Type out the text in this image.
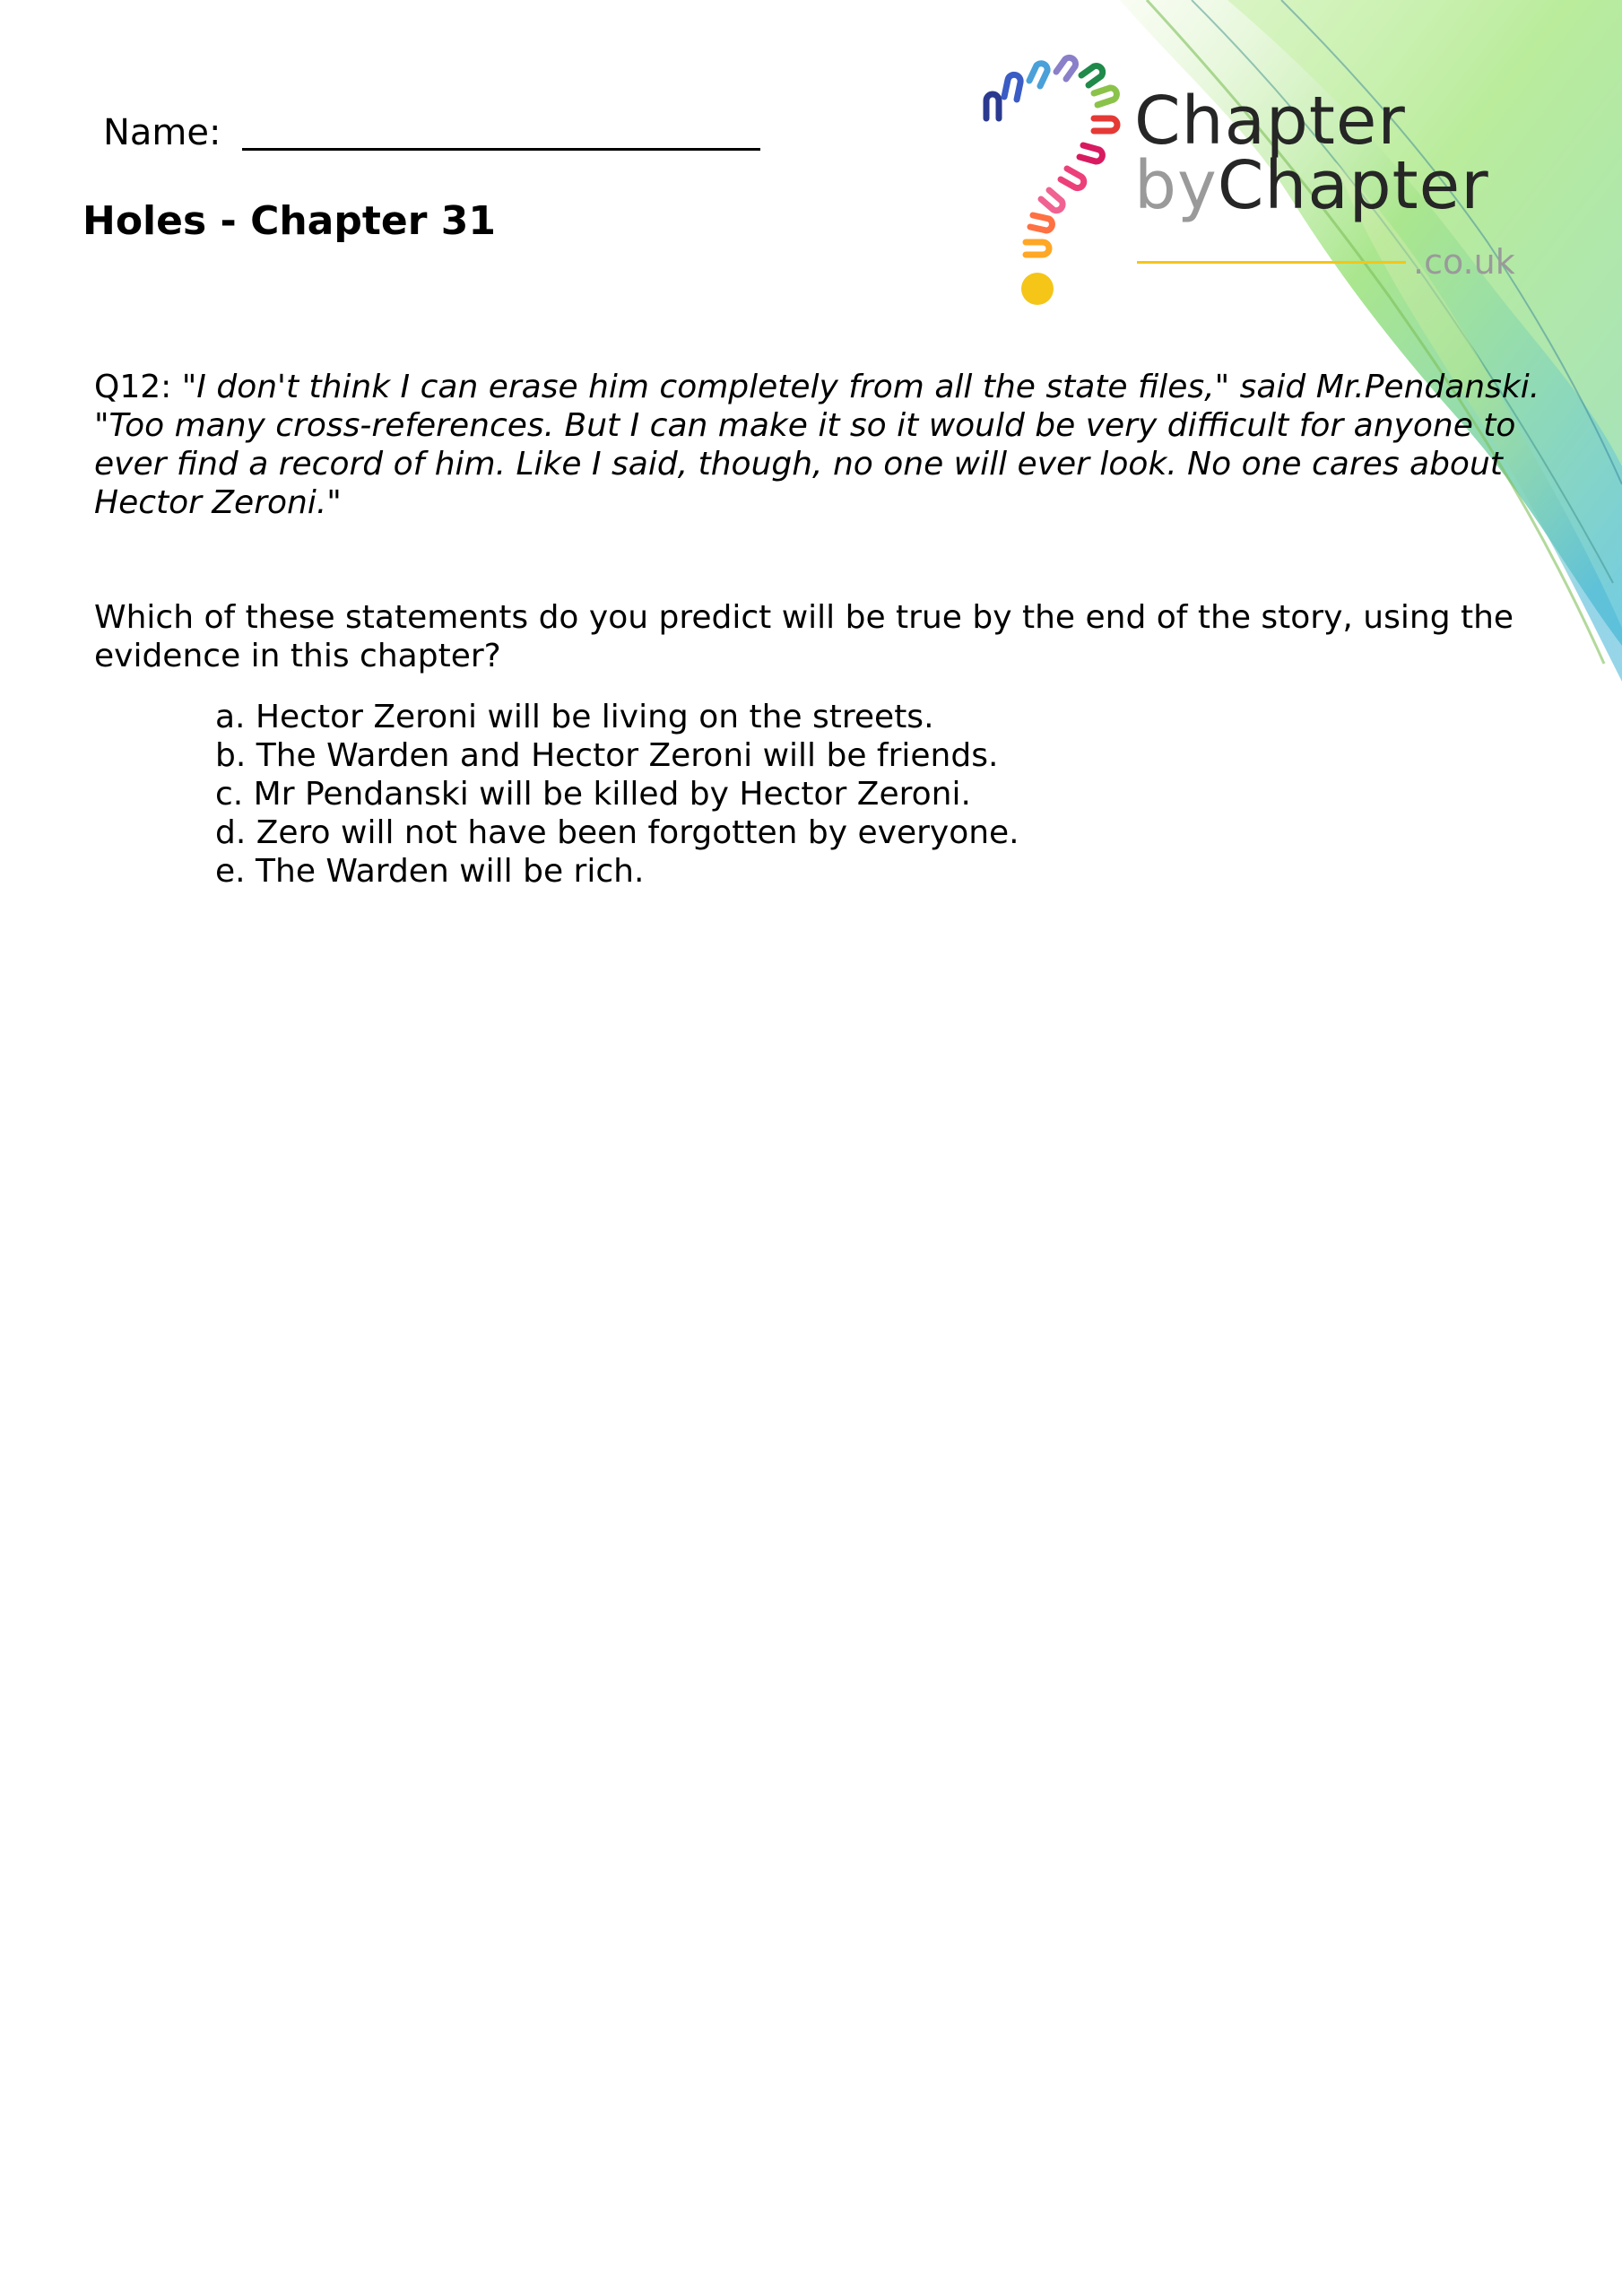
Name:
Holes - Chapter 31
Chapter
byChapter
.co.uk
Q12: "I don't think I can erase him completely from all the state files," said Mr.Pendanski.
"Too many cross-references. But I can make it so it would be very difficult for anyone to ever find a record of him. Like I said, though, no one will ever look. No one cares about Hector Zeroni."
Which of these statements do you predict will be true by the end of the story, using the evidence in this chapter?
a. Hector Zeroni will be living on the streets.
b. The Warden and Hector Zeroni will be friends.
c. Mr Pendanski will be killed by Hector Zeroni.
d. Zero will not have been forgotten by everyone.
e. The Warden will be rich.
